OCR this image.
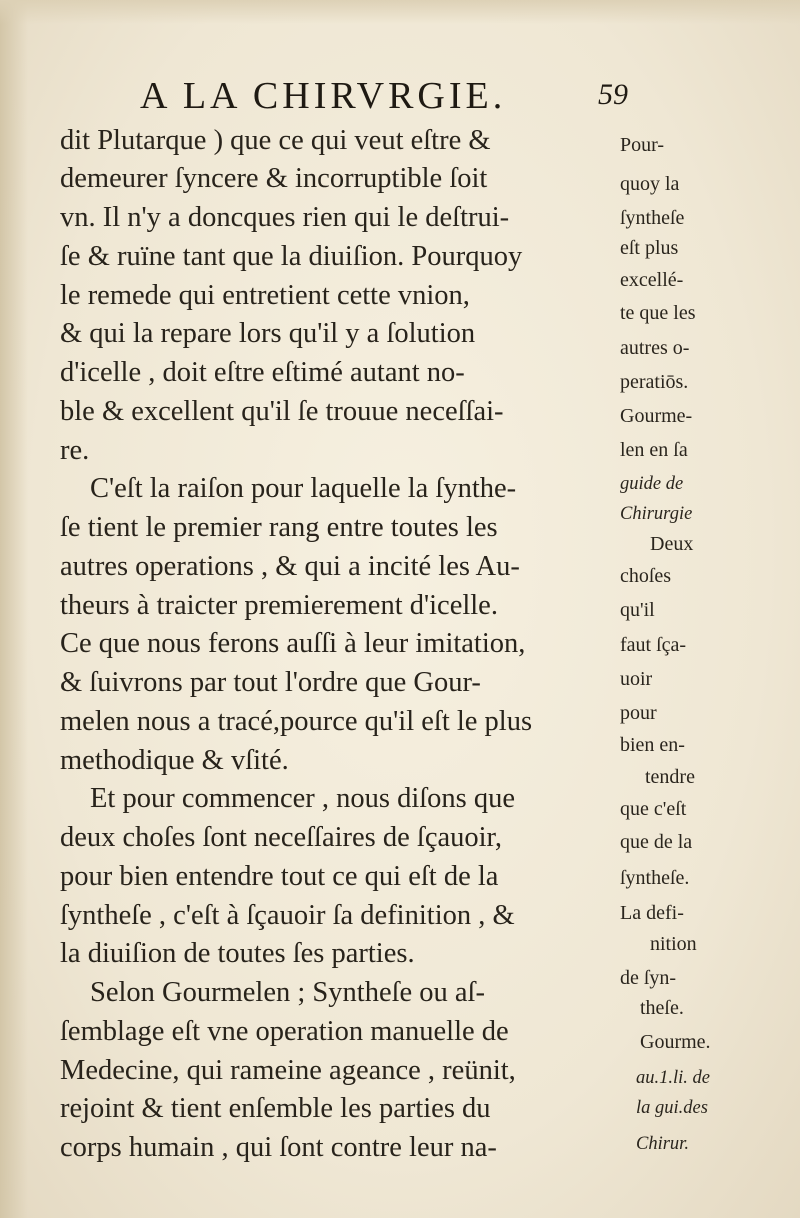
A LA CHIRVRGIE.	59
dit Plutarque ) que ce qui veut eſtre &
demeurer ſyncere & incorruptible ſoit
vn. Il n'y a doncques rien qui le deſtrui-
ſe & ruïne tant que la diuiſion. Pourquoy
le remede qui entretient cette vnion,
& qui la repare lors qu'il y a ſolution
d'icelle , doit eſtre eſtimé autant no-
ble & excellent qu'il ſe trouue neceſſai-
re.
C'eſt la raiſon pour laquelle la ſynthe-
ſe tient le premier rang entre toutes les
autres operations , & qui a incité les Au-
theurs à traicter premierement d'icelle.
Ce que nous ferons auſſi à leur imitation,
& ſuivrons par tout l'ordre que Gour-
melen nous a tracé,pource qu'il eſt le plus
methodique & vſité.
Et pour commencer , nous diſons que
deux choſes ſont neceſſaires de ſçauoir,
pour bien entendre tout ce qui eſt de la
ſynthеſe , c'eſt à ſçauoir ſa definition , &
la diuiſion de toutes ſes parties.
Selon Gourmelen ; Syntheſe ou aſ-
ſemblage eſt vne operation manuelle de
Medecine, qui rameine ageance , reünit,
rejoint & tient enſemble les parties du
corps humain , qui ſont contre leur na-
Pour-
quoy la
ſyntheſe
eſt plus
excellé-
te que les
autres o-
peratiōs.
Gourme-
len en ſa
guide de
Chirurgie
Deux
choſes
qu'il
faut ſça-
uoir
pour
bien en-
tendre
que c'eſt
que de la
ſyntheſe.
La defi-
nition
de ſyn-
theſe.
Gourme.
au.1.li. de
la gui.des
Chirur.
